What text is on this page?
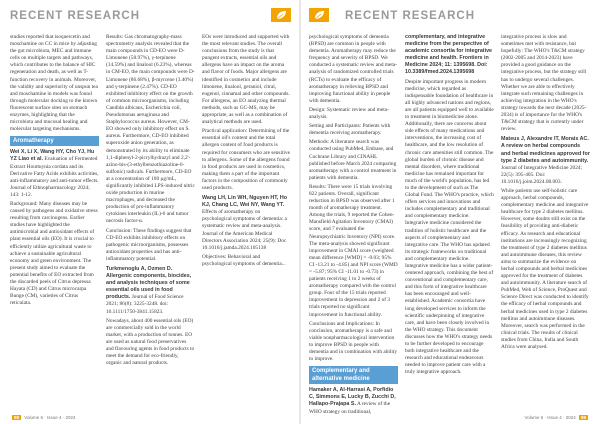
RECENT RESEARCH

studies reported that isoquercetin and moschamine on CC in mice by adjusting the gut microbiota, MEC and immune cells on multiple targets and pathways, which contributes to the balance of HIC regeneration and death, as well as T-function recovery in animals. Moreover, the validity and superiority of unspun tea and moschamine in models was found through molecular docking to the known fluorescent surface sites on stomach enzymes, highlighting that the microbiota and mucosal healing and molecular targeting mechanisms.

Aromatherapy

Wei X, Li X, Wang HY, Cho YJ, Hu YZ Liao et al. Evaluation of Fermented Extract Houttuynia cordata and its Derivative Fatty Acids exhibits activities, anti-inflammatory and anti-tumor effects. Journal of Ethnopharmacology 2024; 143: 1-12.

Background: Many diseases may be caused by pathogens and oxidative stress resulting from carcinogens. Earlier studies have highlighted the antimicrobial and antioxidant effects of plant essential oils (EO). It is crucial to efficiently utilize agricultural waste to achieve a sustainable agricultural economy and green environment. The present study aimed to evaluate the potential benefits of EO extracted from the discarded peels of Citrus depressa Hayata (CD) and Citrus microcarpa Bunge (CM), varieties of Citrus reticulata.

Results: Gas chromatography-mass spectrometry analysis revealed that the main compounds in CD-EO were D-Limonene (58.97%), γ-terpinene (14.59%) and linalool (6.23%), whereas in CM-EO, the main compounds were D-Limonene (86.68%), β-myrcene (3.40%) and γ-terpinene (2.47%). CD-EO exhibited inhibitory effect on the growth of common microorganisms, including Candida albicans, Escherichia coli, Pseudomonas aeruginosa and Staphylococcus aureus. However, CM-EO showed only inhibitory effect on S. aureus. Furthermore, CD-EO inhibited superoxide anion generation, as demonstrated by its ability to eliminate 1,1-diphenyl-2-picrylhydrazyl and 2,2'-azino-bis-(3-ethylbenzothiazoline-6-sulfonic) radicals. Furthermore, CD-EO at a concentration of 100 μg/mL, significantly inhibited LPS-induced nitric oxide production in murine macrophages, and decreased the production of pro-inflammatory cytokines interleukin (IL)-6 and tumor necrosis factor-α.

Conclusion: These findings suggest that CD-EO exhibits inhibitory effects on pathogenic microorganisms, possesses antioxidant properties and has anti-inflammatory potential.

Turkmenoglu A, Ozmen D. Allergenic components, biocides, and analysis techniques of some essential oils used in food products. Journal of Food Science 2021; 86(8): 3225-3248. doi: 10.1111/1750-3841.15823.

Nowadays, about 400 essential oils (EO) are commercially sold in the world market, with a production of tonnes. EO are used as natural food preservatives and flavouring agents in food products to meet the demand for eco-friendly, organic and natural products.

EOs were introduced and supported with the most relevant studies. The overall conclusions from the study is that pungent extracts, essential oils and allergens have an impact on the aroma and flavor of foods. Major allergens are identified in cosmetics and include limonene, linalool, geraniol, citral, eugenol, cinnamal and other compounds. For allergens, an EO analyzing thermal methods, such as GC-MS, may be appropriate, as well as a combination of analytical methods are used.

Practical application: Determining of the essential oil's content and the total allergen content of food products is required for consumers who are sensitive to allergens. Some of the allergens found in food products are used in cosmetics, making them a part of the important factors in the composition of commonly used products.

Wang LH, Lin WH, Nguyen HT, Ho KJ, Chang LC, Wei NY, Wang YT. Effects of aromatherapy on psychological symptoms of dementia: a systematic review and meta-analysis. Journal of the American Medical Directors Association 2024; 25(9): Doc 10.1016/j.jamda.2024.105138

Objectives: Behavioral and psychological symptoms of dementia...

98 Volume 6 · Issue 4 · 2024
RECENT RESEARCH

psychological symptoms of dementia (BPSD) are common in people with dementia. Aromatherapy may reduce the frequency and severity of BPSD. We conducted a systematic review and meta-analysis of randomized controlled trials (RCTs) to evaluate the efficacy of aromatherapy in relieving BPSD and improving functional ability in people with dementia.

Design: Systematic review and meta-analysis.

Setting and Participants: Patients with dementia receiving aromatherapy.

Methods: A literature search was conducted using PubMed, Embase, and Cochrane Library and CINAHL published before March 2024 comparing aromatherapy with a control treatment in patients with dementia.

Results: There were 15 trials involving 822 patients. Overall, significant reduction in BPSD was observed after 1 month of aromatherapy treatment. Among the trials, 9 reported the Cohen-Mansfield Agitation Inventory (CMAI) score, and 7 evaluated the Neuropsychiatric Inventory (NPI) score. The meta-analysis showed significant improvement in CMAI score (weighted mean difference [WMD] = -9.03; 95% CI -13.21 to -4.85) and NPI score (WMD = -5.87; 95% CI -11.01 to -0.73) in patients receiving 1 to 2 weeks of aromatherapy compared with the control group. Four of the 15 trials reported improvement in depression and 2 of 3 trials reported no significant improvement in functional ability.

Conclusions and Implications: In conclusion, aromatherapy is a safe and viable nonpharmacological intervention to improve BPSD in people with dementia and in combination with ability to improve.

Complementary and alternative medicine

Hamaker A, Al-Harrasi A, Porfidio C, Simmons E, Lucky B, Zucchi D, Hallapo-Prajapa S. A review of the WHO strategy on traditional,

complementary, and integrative medicine from the perspective of academic consortia for integrative medicine and health. Frontiers in Medicine 2024; 11: 1395698. Doi: 10.3389/fmed.2024.1395698

Despite important progress in modern medicine, which regarded as indispensable foundation of healthcare in all highly advanced nations and regions, are all patients equipped well to available to treatment in biomedicine alone. Additionally, there are concerns about side effects of many medications and interventions, the increasing cost of healthcare, and the low resolution of chronic care amenities still common. The global burden of chronic disease and mental disorders, where traditional medicine has remained important for much of the world's population, has led to the development of such as The Global Fund. The WHO's practice, which offers services and innovations and includes complementary and traditional and complementary medicine. Integrative medicine considered the tradition of holistic healthcare and the aspects of complementary and integrative care. The WHO has updated its strategic frameworks on traditional and complementary medicine. Integrative medicine has a wider patient-centered approach, combining the best of conventional and complementary care, and this form of integrative healthcare has been encouraged and well-established. Academic consortia have long developed services to inform the scientific underpinning of integrative care, and have been closely involved in the WHO strategy. This document discusses how the WHO's strategy needs to be further developed to encourage both integrative healthcare and the research and educational endeavours needed to improve patient care with a truly integrative approach.

integrative process is slow and sometimes met with resistance, but hopefully: The WHO's T&CM strategy (2002-2005 and 2014-2023) have provided a good guidance on the integrative process, but the strategy still has to undergo several challenges. Whether we are able to effectively integrate such remaining challenges in achieving integration in the WHO's strategy towards the next decade (2025-2034) is of importance for the WHO's T&CM strategy that is currently under review.

Mateus J, Alexandre IT, Morais AC. A review on herbal compounds and herbal medicines approved for type 2 diabetes and autoimmunity. Journal of Integrative Medicine 2024; 22(5): 395-405. Doi: 10.1016/j.joim.2024.08.003.

While patients use self-holistic care approach, herbal compounds, complementary medicine and integrative healthcare for type 2 diabetes mellitus. However, some doubts still exist on the feasibility of providing anti-diabetic efficacy. As research and educational institutions are increasingly recognizing the treatment of type 2 diabetes mellitus and autoimmune diseases, this review aims to summarize the evidence on herbal compounds and herbal medicines approved for the treatment of diabetes and autoimmunity. A literature search of PubMed, Web of Science, ProQuest and Science Direct was conducted to identify the efficacy of herbal compounds and herbal medicines used in type 2 diabetes mellitus and autoimmune diseases. Moreover, search was performed in the clinical trials. The results of clinical studies from China, India and South Africa were analysed.

Volume 6 · Issue 4 · 2024 99
